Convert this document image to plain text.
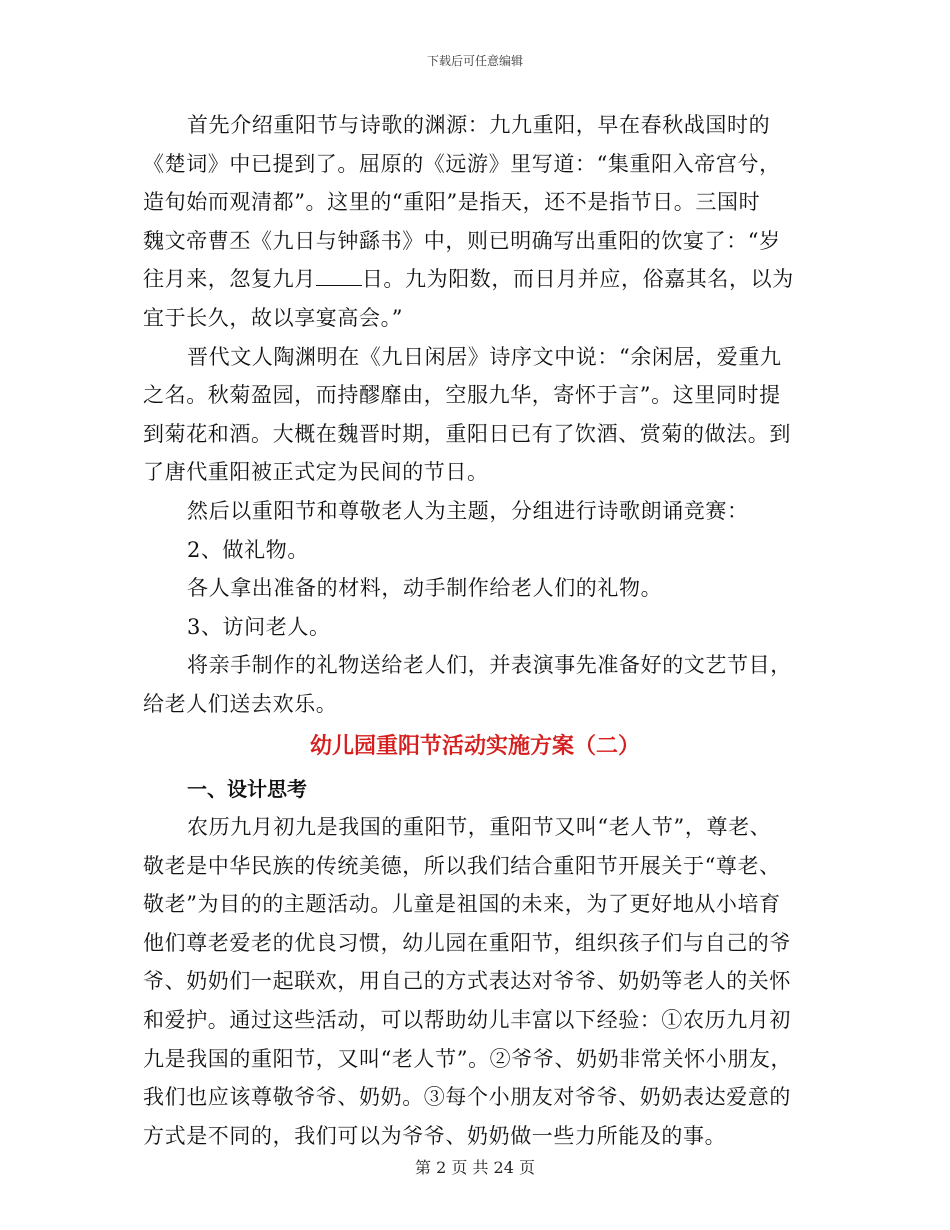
下载后可任意编辑
首先介绍重阳节与诗歌的渊源：九九重阳，早在春秋战国时的
《楚词》中已提到了。屈原的《远游》里写道：“集重阳入帝宫兮，
造旬始而观清都”。这里的“重阳”是指天，还不是指节日。三国时
魏文帝曹丕《九日与钟繇书》中，则已明确写出重阳的饮宴了：“岁
往月来，忽复九月 日。九为阳数，而日月并应，俗嘉其名，以为
宜于长久，故以享宴高会。”
晋代文人陶渊明在《九日闲居》诗序文中说：“余闲居，爱重九
之名。秋菊盈园，而持醪靡由，空服九华，寄怀于言”。这里同时提
到菊花和酒。大概在魏晋时期，重阳日已有了饮酒、赏菊的做法。到
了唐代重阳被正式定为民间的节日。
然后以重阳节和尊敬老人为主题，分组进行诗歌朗诵竞赛：
2、做礼物。
各人拿出准备的材料，动手制作给老人们的礼物。
3、访问老人。
将亲手制作的礼物送给老人们，并表演事先准备好的文艺节目，
给老人们送去欢乐。
幼儿园重阳节活动实施方案（二）
一、设计思考
农历九月初九是我国的重阳节，重阳节又叫“老人节”，尊老、
敬老是中华民族的传统美德，所以我们结合重阳节开展关于“尊老、
敬老”为目的的主题活动。儿童是祖国的未来，为了更好地从小培育
他们尊老爱老的优良习惯，幼儿园在重阳节，组织孩子们与自己的爷
爷、奶奶们一起联欢，用自己的方式表达对爷爷、奶奶等老人的关怀
和爱护。通过这些活动，可以帮助幼儿丰富以下经验：①农历九月初
九是我国的重阳节，又叫“老人节”。②爷爷、奶奶非常关怀小朋友，
我们也应该尊敬爷爷、奶奶。③每个小朋友对爷爷、奶奶表达爱意的
方式是不同的，我们可以为爷爷、奶奶做一些力所能及的事。
第 2 页 共 24 页
